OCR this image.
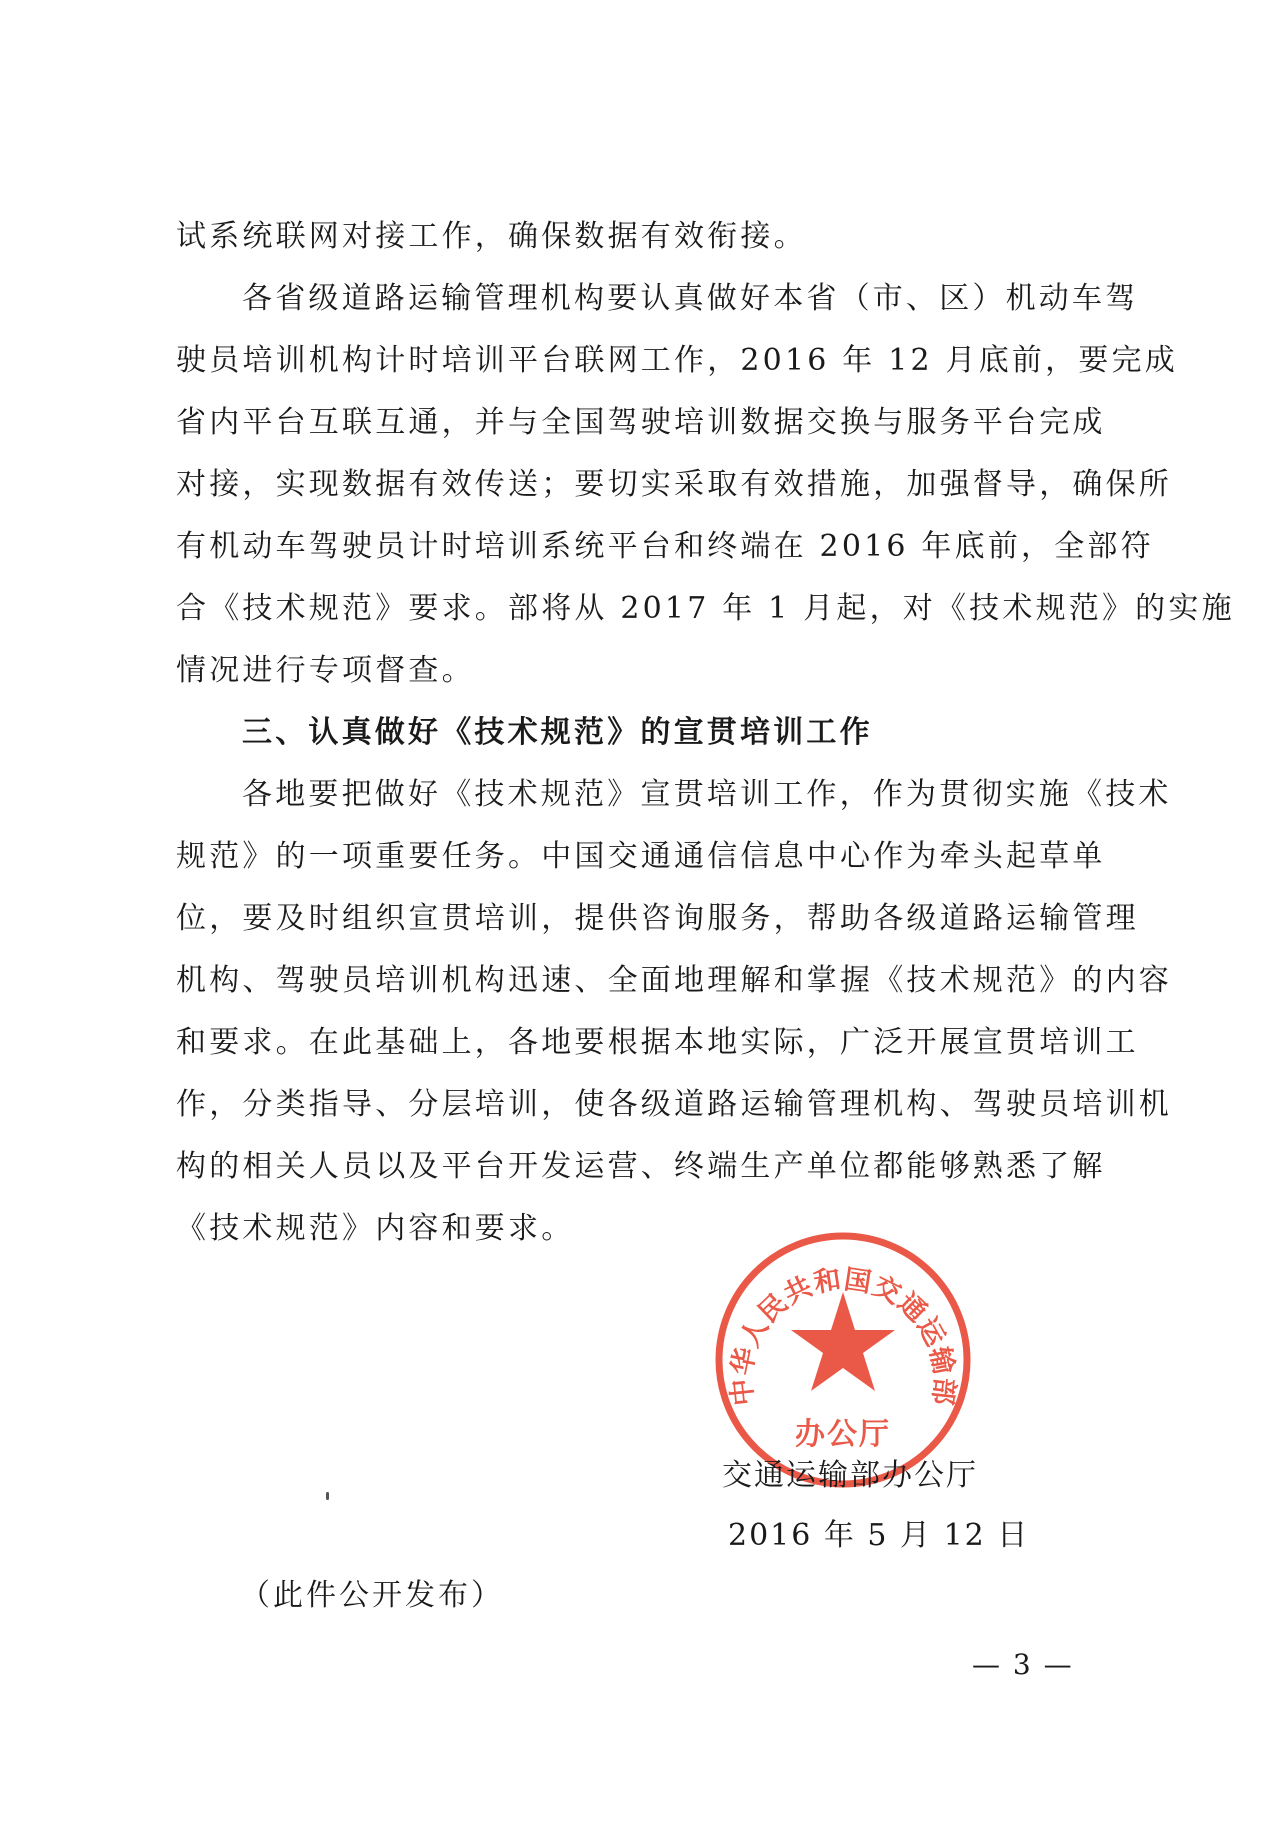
试系统联网对接工作，确保数据有效衔接。
各省级道路运输管理机构要认真做好本省（市、区）机动车驾
驶员培训机构计时培训平台联网工作，2016 年 12 月底前，要完成
省内平台互联互通，并与全国驾驶培训数据交换与服务平台完成
对接，实现数据有效传送；要切实采取有效措施，加强督导，确保所
有机动车驾驶员计时培训系统平台和终端在 2016 年底前，全部符
合《技术规范》要求。部将从 2017 年 1 月起，对《技术规范》的实施
情况进行专项督查。
三、认真做好《技术规范》的宣贯培训工作
各地要把做好《技术规范》宣贯培训工作，作为贯彻实施《技术
规范》的一项重要任务。中国交通通信信息中心作为牵头起草单
位，要及时组织宣贯培训，提供咨询服务，帮助各级道路运输管理
机构、驾驶员培训机构迅速、全面地理解和掌握《技术规范》的内容
和要求。在此基础上，各地要根据本地实际，广泛开展宣贯培训工
作，分类指导、分层培训，使各级道路运输管理机构、驾驶员培训机
构的相关人员以及平台开发运营、终端生产单位都能够熟悉了解
《技术规范》内容和要求。
中华人民共和国交通运输部
办公厅
交通运输部办公厅
2016 年 5 月 12 日
（此件公开发布）
— 3 —
